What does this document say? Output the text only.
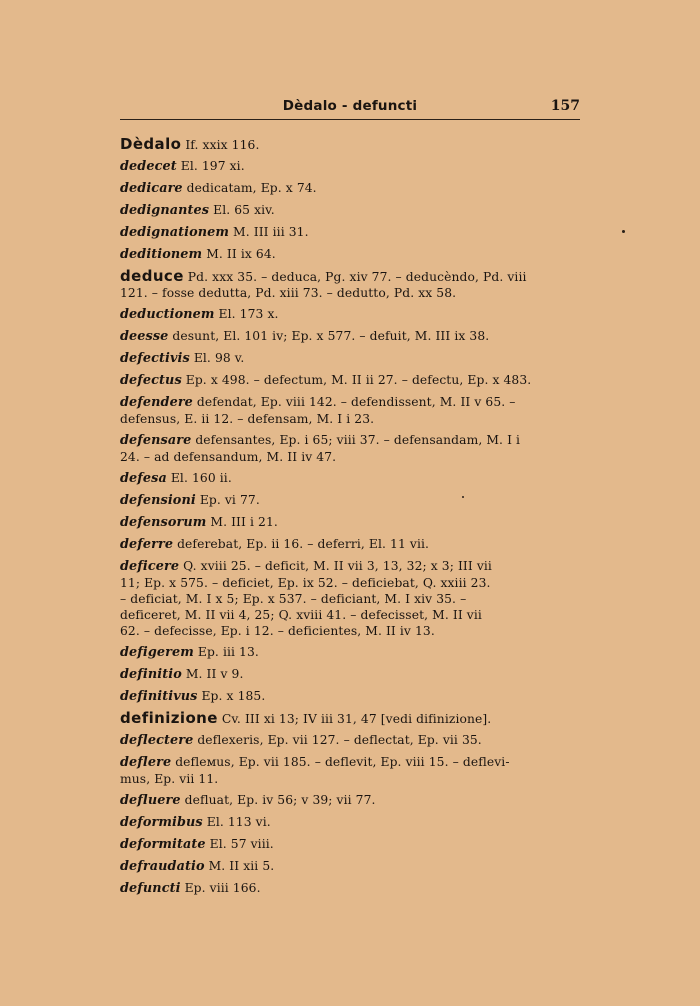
Dèdalo - defuncti	157
Dèdalo If. xxix 116.
dedecet El. 197 xi.
dedicare dedicatam, Ep. x 74.
dedignantes El. 65 xiv.
dedignationem M. III iii 31.
deditionem M. II ix 64.
deduce Pd. xxx 35. – deduca, Pg. xiv 77. – deducèndo, Pd. viii
121. – fosse dedutta, Pd. xiii 73. – dedutto, Pd. xx 58.
deductionem El. 173 x.
deesse desunt, El. 101 iv; Ep. x 577. – defuit, M. III ix 38.
defectivis El. 98 v.
defectus Ep. x 498. – defectum, M. II ii 27. – defectu, Ep. x 483.
defendere defendat, Ep. viii 142. – defendissent, M. II v 65. –
defensus, E. ii 12. – defensam, M. I i 23.
defensare defensantes, Ep. i 65; viii 37. – defensandam, M. I i
24. – ad defensandum, M. II iv 47.
defesa El. 160 ii.
defensioni Ep. vi 77.
defensorum M. III i 21.
deferre deferebat, Ep. ii 16. – deferri, El. 11 vii.
deficere Q. xviii 25. – deficit, M. II vii 3, 13, 32; x 3; III vii
11; Ep. x 575. – deficiet, Ep. ix 52. – deficiebat, Q. xxiii 23.
– deficiat, M. I x 5; Ep. x 537. – deficiant, M. I xiv 35. –
deficeret, M. II vii 4, 25; Q. xviii 41. – defecisset, M. II vii
62. – defecisse, Ep. i 12. – deficientes, M. II iv 13.
defigerem Ep. iii 13.
definitio M. II v 9.
definitivus Ep. x 185.
definizione Cv. III xi 13; IV iii 31, 47 [vedi difinizione].
deflectere deflexeris, Ep. vii 127. – deflectat, Ep. vii 35.
deflere defleмus, Ep. vii 185. – deflevit, Ep. viii 15. – deflevi-
mus, Ep. vii 11.
defluere defluat, Ep. iv 56; v 39; vii 77.
deformibus El. 113 vi.
deformitate El. 57 viii.
defraudatio M. II xii 5.
defuncti Ep. viii 166.
